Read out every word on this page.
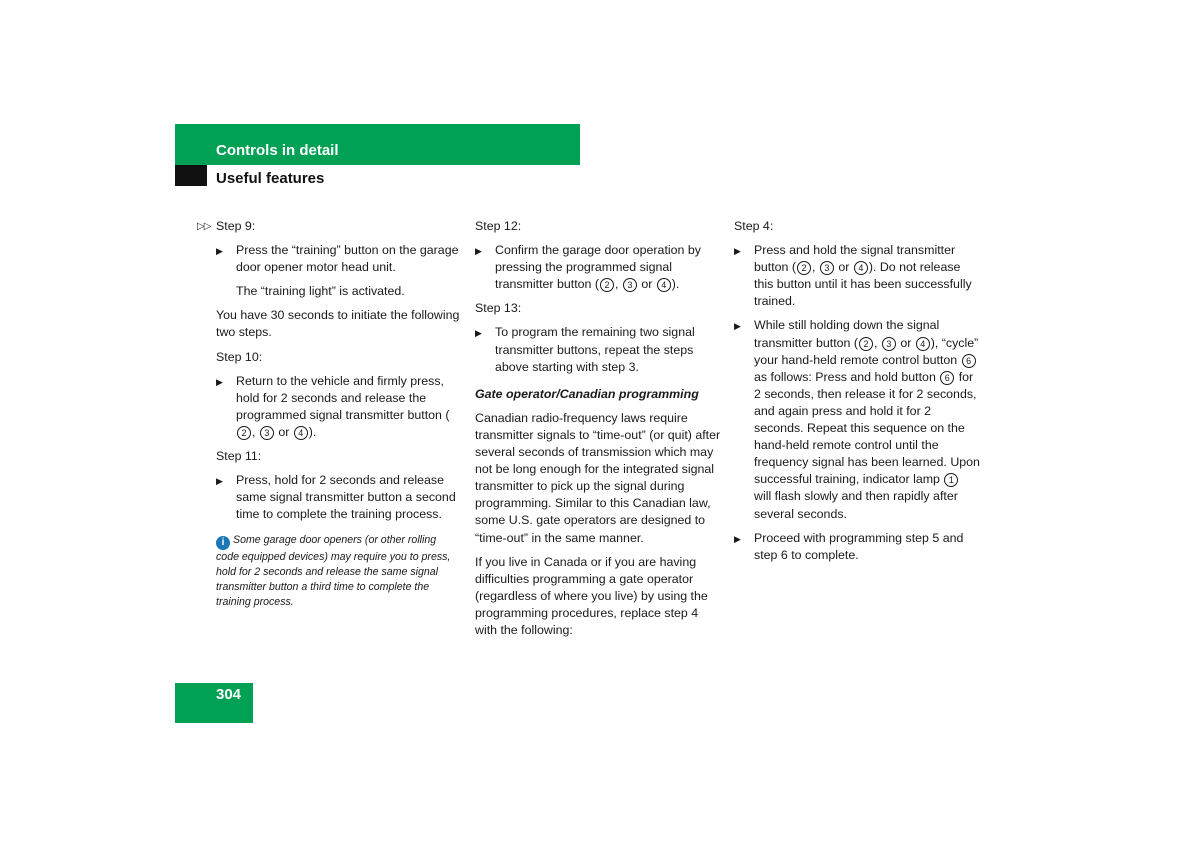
Controls in detail
Useful features
▷▷ Step 9:
▶ Press the “training” button on the garage door opener motor head unit.
The “training light” is activated.
You have 30 seconds to initiate the following two steps.
Step 10:
▶ Return to the vehicle and firmly press, hold for 2 seconds and release the programmed signal transmitter button (2 , 3 or 4 ).
Step 11:
▶ Press, hold for 2 seconds and release same signal transmitter button a second time to complete the training process.
i Some garage door openers (or other rolling code equipped devices) may require you to press, hold for 2 seconds and release the same signal transmitter button a third time to complete the training process.
Step 12:
▶ Confirm the garage door operation by pressing the programmed signal transmitter button ( 2 , 3 or 4 ).
Step 13:
▶ To program the remaining two signal transmitter buttons, repeat the steps above starting with step 3.
Gate operator/Canadian programming
Canadian radio-frequency laws require transmitter signals to “time-out” (or quit) after several seconds of transmission which may not be long enough for the integrated signal transmitter to pick up the signal during programming. Similar to this Canadian law, some U.S. gate operators are designed to “time-out” in the same manner.
If you live in Canada or if you are having difficulties programming a gate operator (regardless of where you live) by using the programming procedures, replace step 4 with the following:
Step 4:
▶ Press and hold the signal transmitter button ( 2 , 3 or 4 ). Do not release this button until it has been successfully trained.
▶ While still holding down the signal transmitter button ( 2 , 3 or 4 ), “cycle” your hand-held remote control button 6 as follows: Press and hold button 6 for 2 seconds, then release it for 2 seconds, and again press and hold it for 2 seconds. Repeat this sequence on the hand-held remote control until the frequency signal has been learned. Upon successful training, indicator lamp 1 will flash slowly and then rapidly after several seconds.
▶ Proceed with programming step 5 and step 6 to complete.
304
